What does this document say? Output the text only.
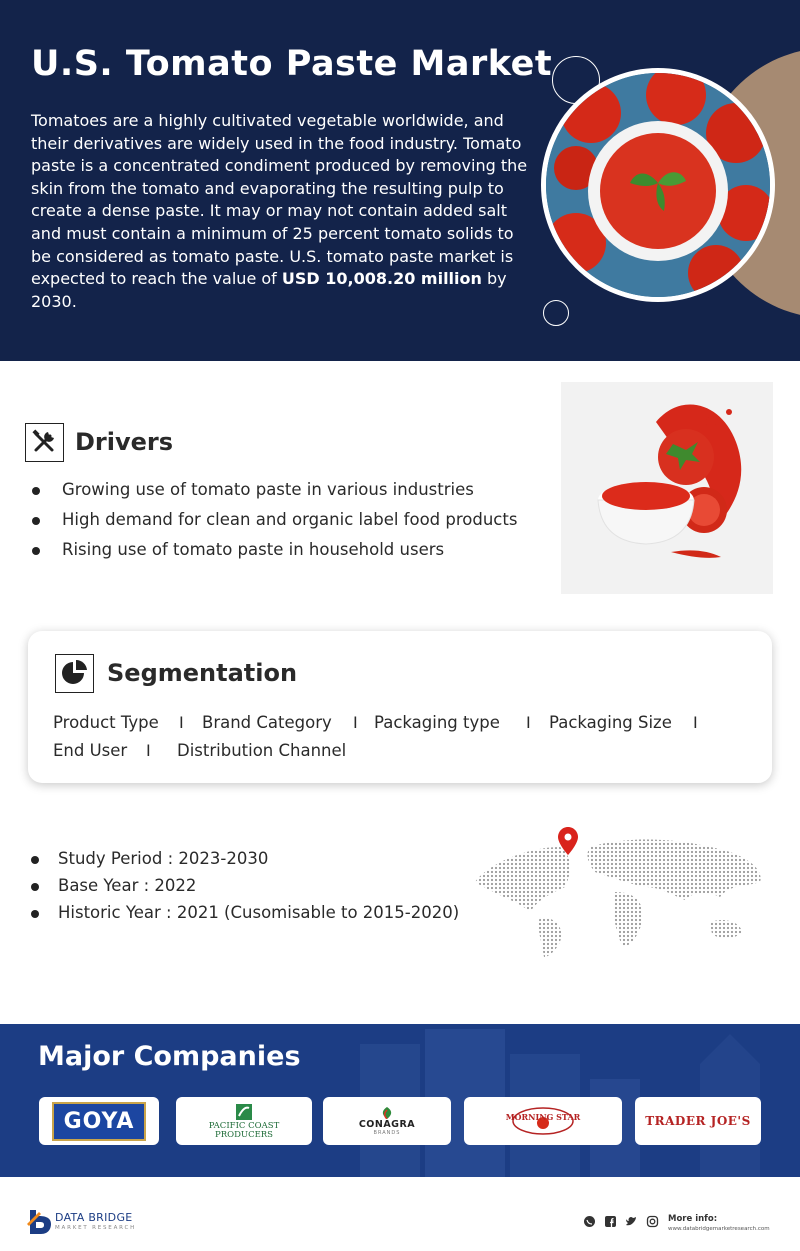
U.S. Tomato Paste Market

Tomatoes are a highly cultivated vegetable worldwide, and their derivatives are widely used in the food industry. Tomato paste is a concentrated condiment produced by removing the skin from the tomato and evaporating the resulting pulp to create a dense paste. It may or may not contain added salt and must contain a minimum of 25 percent tomato solids to be considered as tomato paste. U.S. tomato paste market is expected to reach the value of USD 10,008.20 million by 2030.

Drivers
Growing use of tomato paste in various industries
High demand for clean and organic label food products
Rising use of tomato paste in household users
Segmentation
Product Type I Brand Category I Packaging type I Packaging Size I
End User I Distribution Channel
Study Period : 2023-2030
Base Year : 2022
Historic Year : 2021 (Cusomisable to 2015-2020)
Major Companies
GOYA	PACIFIC COAST
PRODUCERS
CONAGRA
BRANDS
MORNING STAR	TRADER JOE'S
DATA BRIDGE
MARKET RESEARCH
More info:
www.databridgemarketresearch.com
